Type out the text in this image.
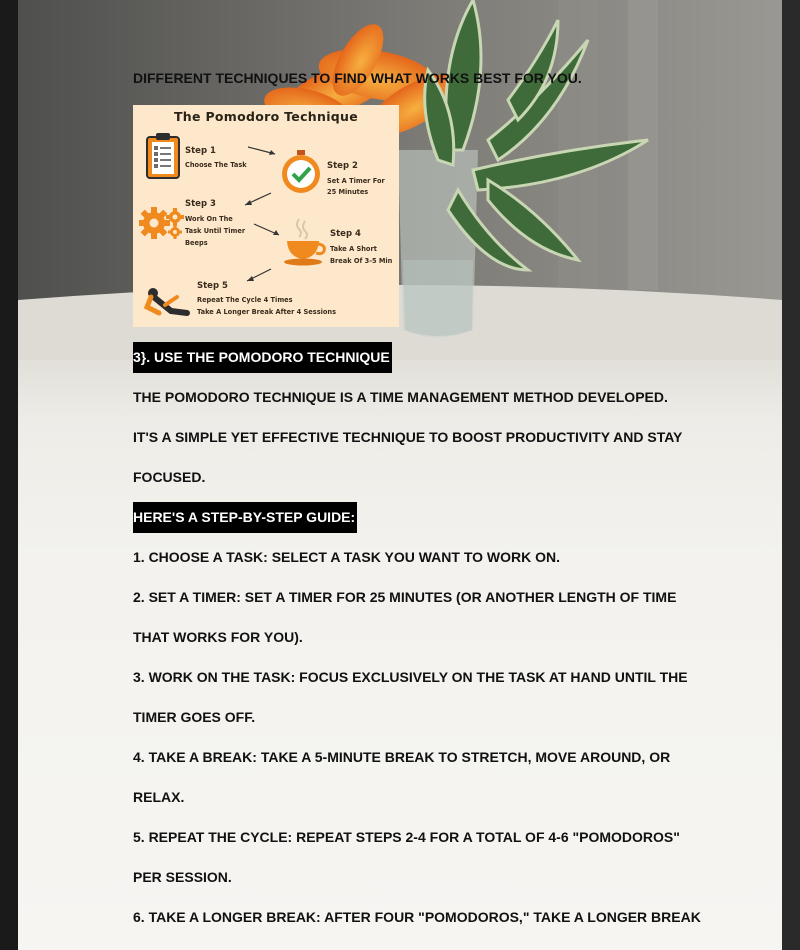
DIFFERENT TECHNIQUES TO FIND WHAT WORKS BEST FOR YOU.
The Pomodoro Technique
Step 1
Choose The Task	Step 2
Set A Timer For
25 Minutes
Step 3
Work On The
Task Until Timer
Beeps
Step 4
Take A Short
Break Of 3-5 Min
Step 5
Repeat The Cycle 4 Times
Take A Longer Break After 4 Sessions
3}. USE THE POMODORO TECHNIQUE
THE POMODORO TECHNIQUE IS A TIME MANAGEMENT METHOD DEVELOPED.
IT'S A SIMPLE YET EFFECTIVE TECHNIQUE TO BOOST PRODUCTIVITY AND STAY
FOCUSED.
HERE'S A STEP-BY-STEP GUIDE:
1. CHOOSE A TASK: SELECT A TASK YOU WANT TO WORK ON.
2. SET A TIMER: SET A TIMER FOR 25 MINUTES (OR ANOTHER LENGTH OF TIME
THAT WORKS FOR YOU).
3. WORK ON THE TASK: FOCUS EXCLUSIVELY ON THE TASK AT HAND UNTIL THE
TIMER GOES OFF.
4. TAKE A BREAK: TAKE A 5-MINUTE BREAK TO STRETCH, MOVE AROUND, OR
RELAX.
5. REPEAT THE CYCLE: REPEAT STEPS 2-4 FOR A TOTAL OF 4-6 "POMODOROS"
PER SESSION.
6. TAKE A LONGER BREAK: AFTER FOUR "POMODOROS," TAKE A LONGER BREAK
